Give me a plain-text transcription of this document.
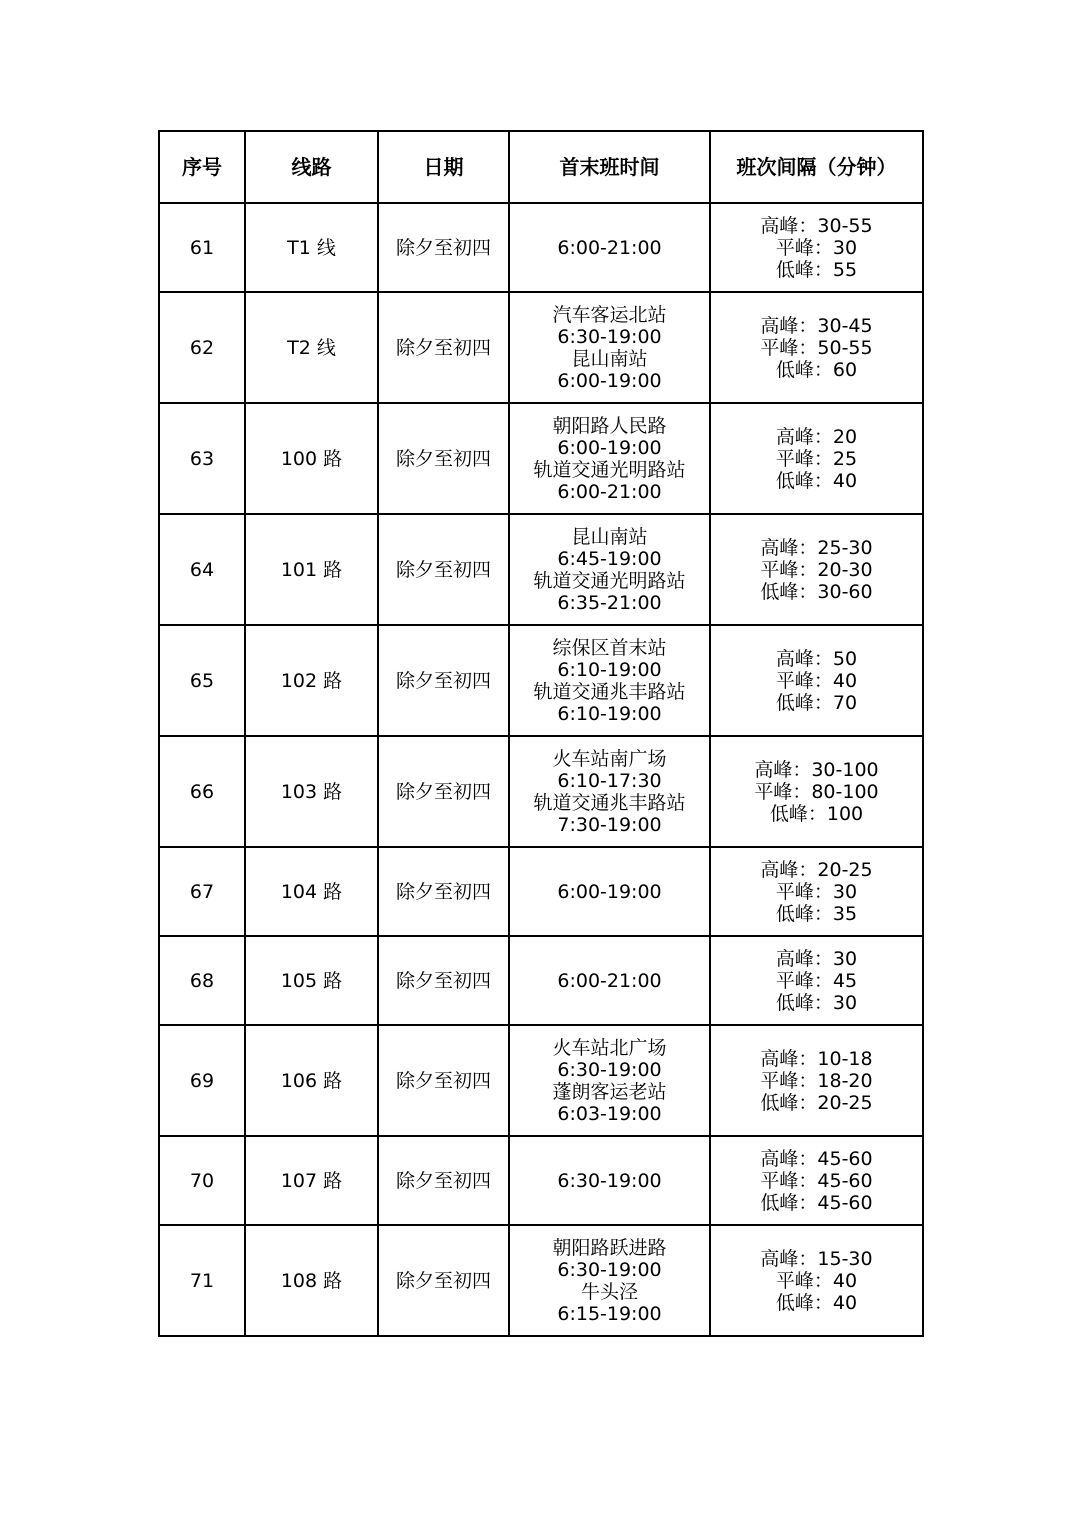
序号	线路	日期	首末班时间	班次间隔（分钟）
61	T1 线	除夕至初四	6:00-21:00	高峰：30-55
平峰：30
低峰：55

62	T2 线	除夕至初四	汽车客运北站
6:30-19:00
昆山南站
6:00-19:00	高峰：30-45
平峰：50-55
低峰：60

63	100 路	除夕至初四	朝阳路人民路
6:00-19:00
轨道交通光明路站
6:00-21:00	高峰：20
平峰：25
低峰：40

64	101 路	除夕至初四	昆山南站
6:45-19:00
轨道交通光明路站
6:35-21:00	高峰：25-30
平峰：20-30
低峰：30-60

65	102 路	除夕至初四	综保区首末站
6:10-19:00
轨道交通兆丰路站
6:10-19:00	高峰：50
平峰：40
低峰：70

66	103 路	除夕至初四	火车站南广场
6:10-17:30
轨道交通兆丰路站
7:30-19:00	高峰：30-100
平峰：80-100
低峰：100

67	104 路	除夕至初四	6:00-19:00	高峰：20-25
平峰：30
低峰：35

68	105 路	除夕至初四	6:00-21:00	高峰：30
平峰：45
低峰：30

69	106 路	除夕至初四	火车站北广场
6:30-19:00
蓬朗客运老站
6:03-19:00	高峰：10-18
平峰：18-20
低峰：20-25

70	107 路	除夕至初四	6:30-19:00	高峰：45-60
平峰：45-60
低峰：45-60

71	108 路	除夕至初四	朝阳路跃进路
6:30-19:00
牛头泾
6:15-19:00	高峰：15-30
平峰：40
低峰：40
